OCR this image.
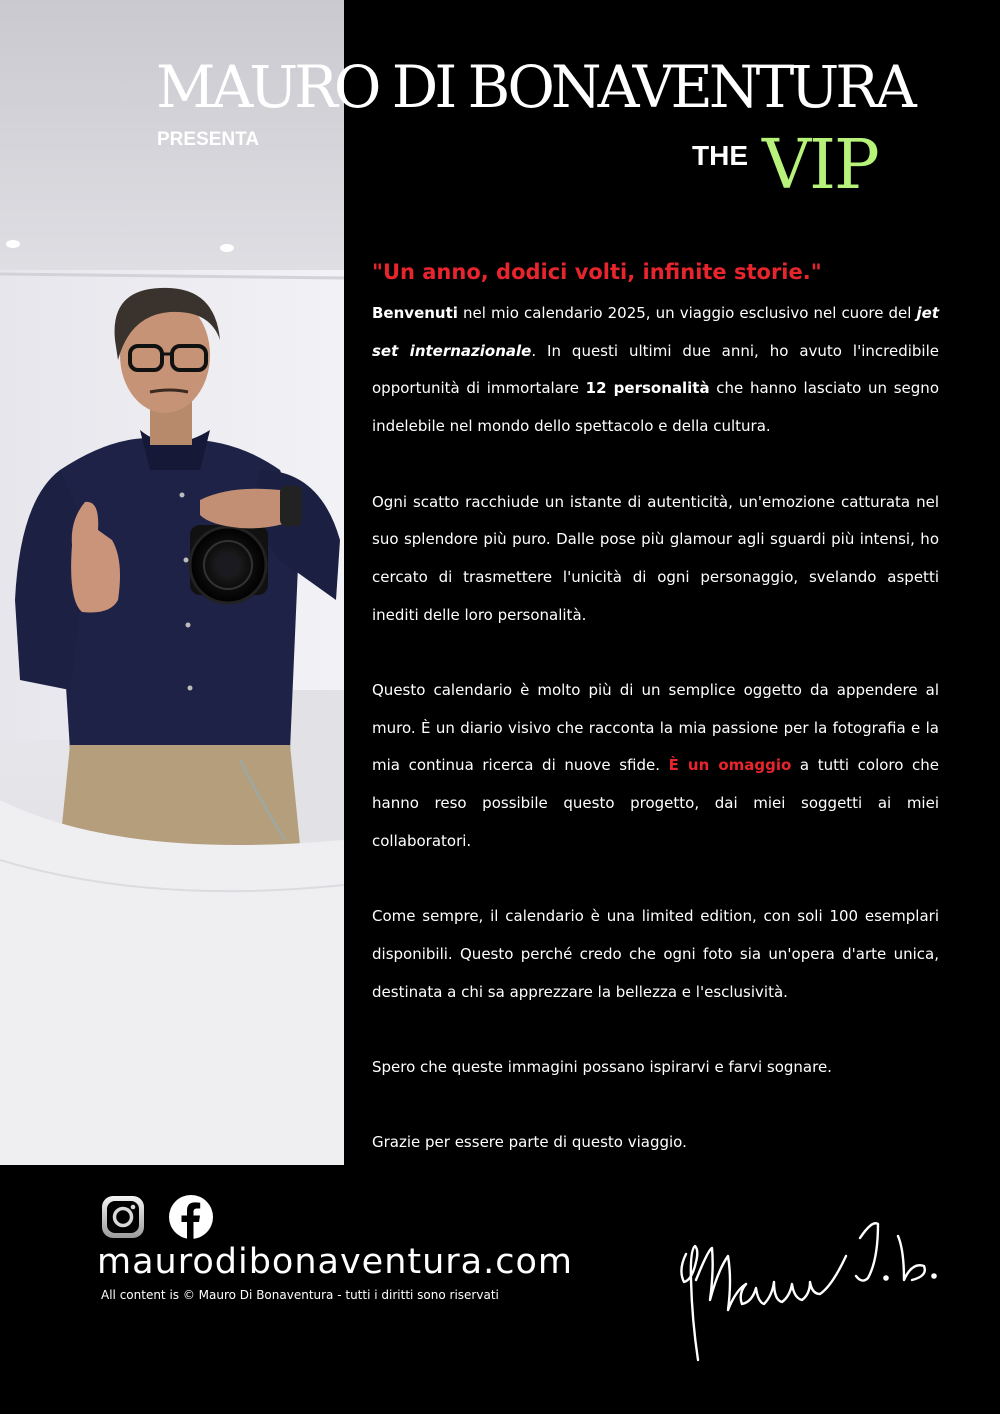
MAURO DI BONAVENTURA
PRESENTA
THE VIP
"Un anno, dodici volti, infinite storie."

Benvenuti nel mio calendario 2025, un viaggio esclusivo nel cuore del jet set internazionale. In questi ultimi due anni, ho avuto l'incredibile opportunità di immortalare 12 personalità che hanno lasciato un segno indelebile nel mondo dello spettacolo e della cultura.

Ogni scatto racchiude un istante di autenticità, un'emozione catturata nel suo splendore più puro. Dalle pose più glamour agli sguardi più intensi, ho cercato di trasmettere l'unicità di ogni personaggio, svelando aspetti inediti delle loro personalità.

Questo calendario è molto più di un semplice oggetto da appendere al muro. È un diario visivo che racconta la mia passione per la fotografia e la mia continua ricerca di nuove sfide. È un omaggio a tutti coloro che hanno reso possibile questo progetto, dai miei soggetti ai miei collaboratori.

Come sempre, il calendario è una limited edition, con soli 100 esemplari disponibili. Questo perché credo che ogni foto sia un'opera d'arte unica, destinata a chi sa apprezzare la bellezza e l'esclusività.

Spero che queste immagini possano ispirarvi e farvi sognare.

Grazie per essere parte di questo viaggio.

maurodibonaventura.com
All content is © Mauro Di Bonaventura - tutti i diritti sono riservati
